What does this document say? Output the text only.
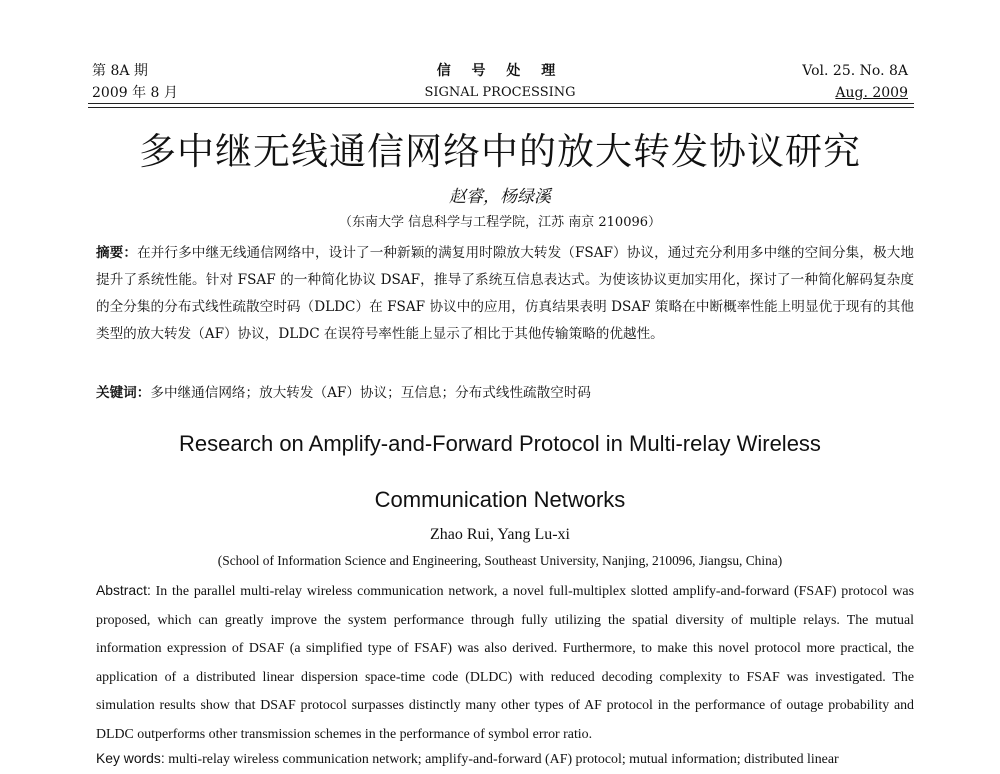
第 8A 期
2009 年 8 月
信 号 处 理
SIGNAL PROCESSING
Vol. 25. No. 8A
Aug. 2009
多中继无线通信网络中的放大转发协议研究
赵睿，杨绿溪
（东南大学 信息科学与工程学院，江苏 南京 210096）
摘要：在并行多中继无线通信网络中，设计了一种新颖的满复用时隙放大转发（FSAF）协议，通过充分利用多中继的空间分集，极大地提升了系统性能。针对 FSAF 的一种简化协议 DSAF，推导了系统互信息表达式。为使该协议更加实用化，探讨了一种简化解码复杂度的全分集的分布式线性疏散空时码（DLDC）在 FSAF 协议中的应用，仿真结果表明 DSAF 策略在中断概率性能上明显优于现有的其他类型的放大转发（AF）协议，DLDC 在误符号率性能上显示了相比于其他传输策略的优越性。
关键词：多中继通信网络；放大转发（AF）协议；互信息；分布式线性疏散空时码
Research on Amplify-and-Forward Protocol in Multi-relay Wireless
Communication Networks
Zhao Rui, Yang Lu-xi
(School of Information Science and Engineering, Southeast University, Nanjing, 210096, Jiangsu, China)
Abstract: In the parallel multi-relay wireless communication network, a novel full-multiplex slotted amplify-and-forward (FSAF) protocol was proposed, which can greatly improve the system performance through fully utilizing the spatial diversity of multiple relays. The mutual information expression of DSAF (a simplified type of FSAF) was also derived. Furthermore, to make this novel protocol more practical, the application of a distributed linear dispersion space-time code (DLDC) with reduced decoding complexity to FSAF was investigated. The simulation results show that DSAF protocol surpasses distinctly many other types of AF protocol in the performance of outage probability and DLDC outperforms other transmission schemes in the performance of symbol error ratio.
Key words: multi-relay wireless communication network; amplify-and-forward (AF) protocol; mutual information; distributed linear
